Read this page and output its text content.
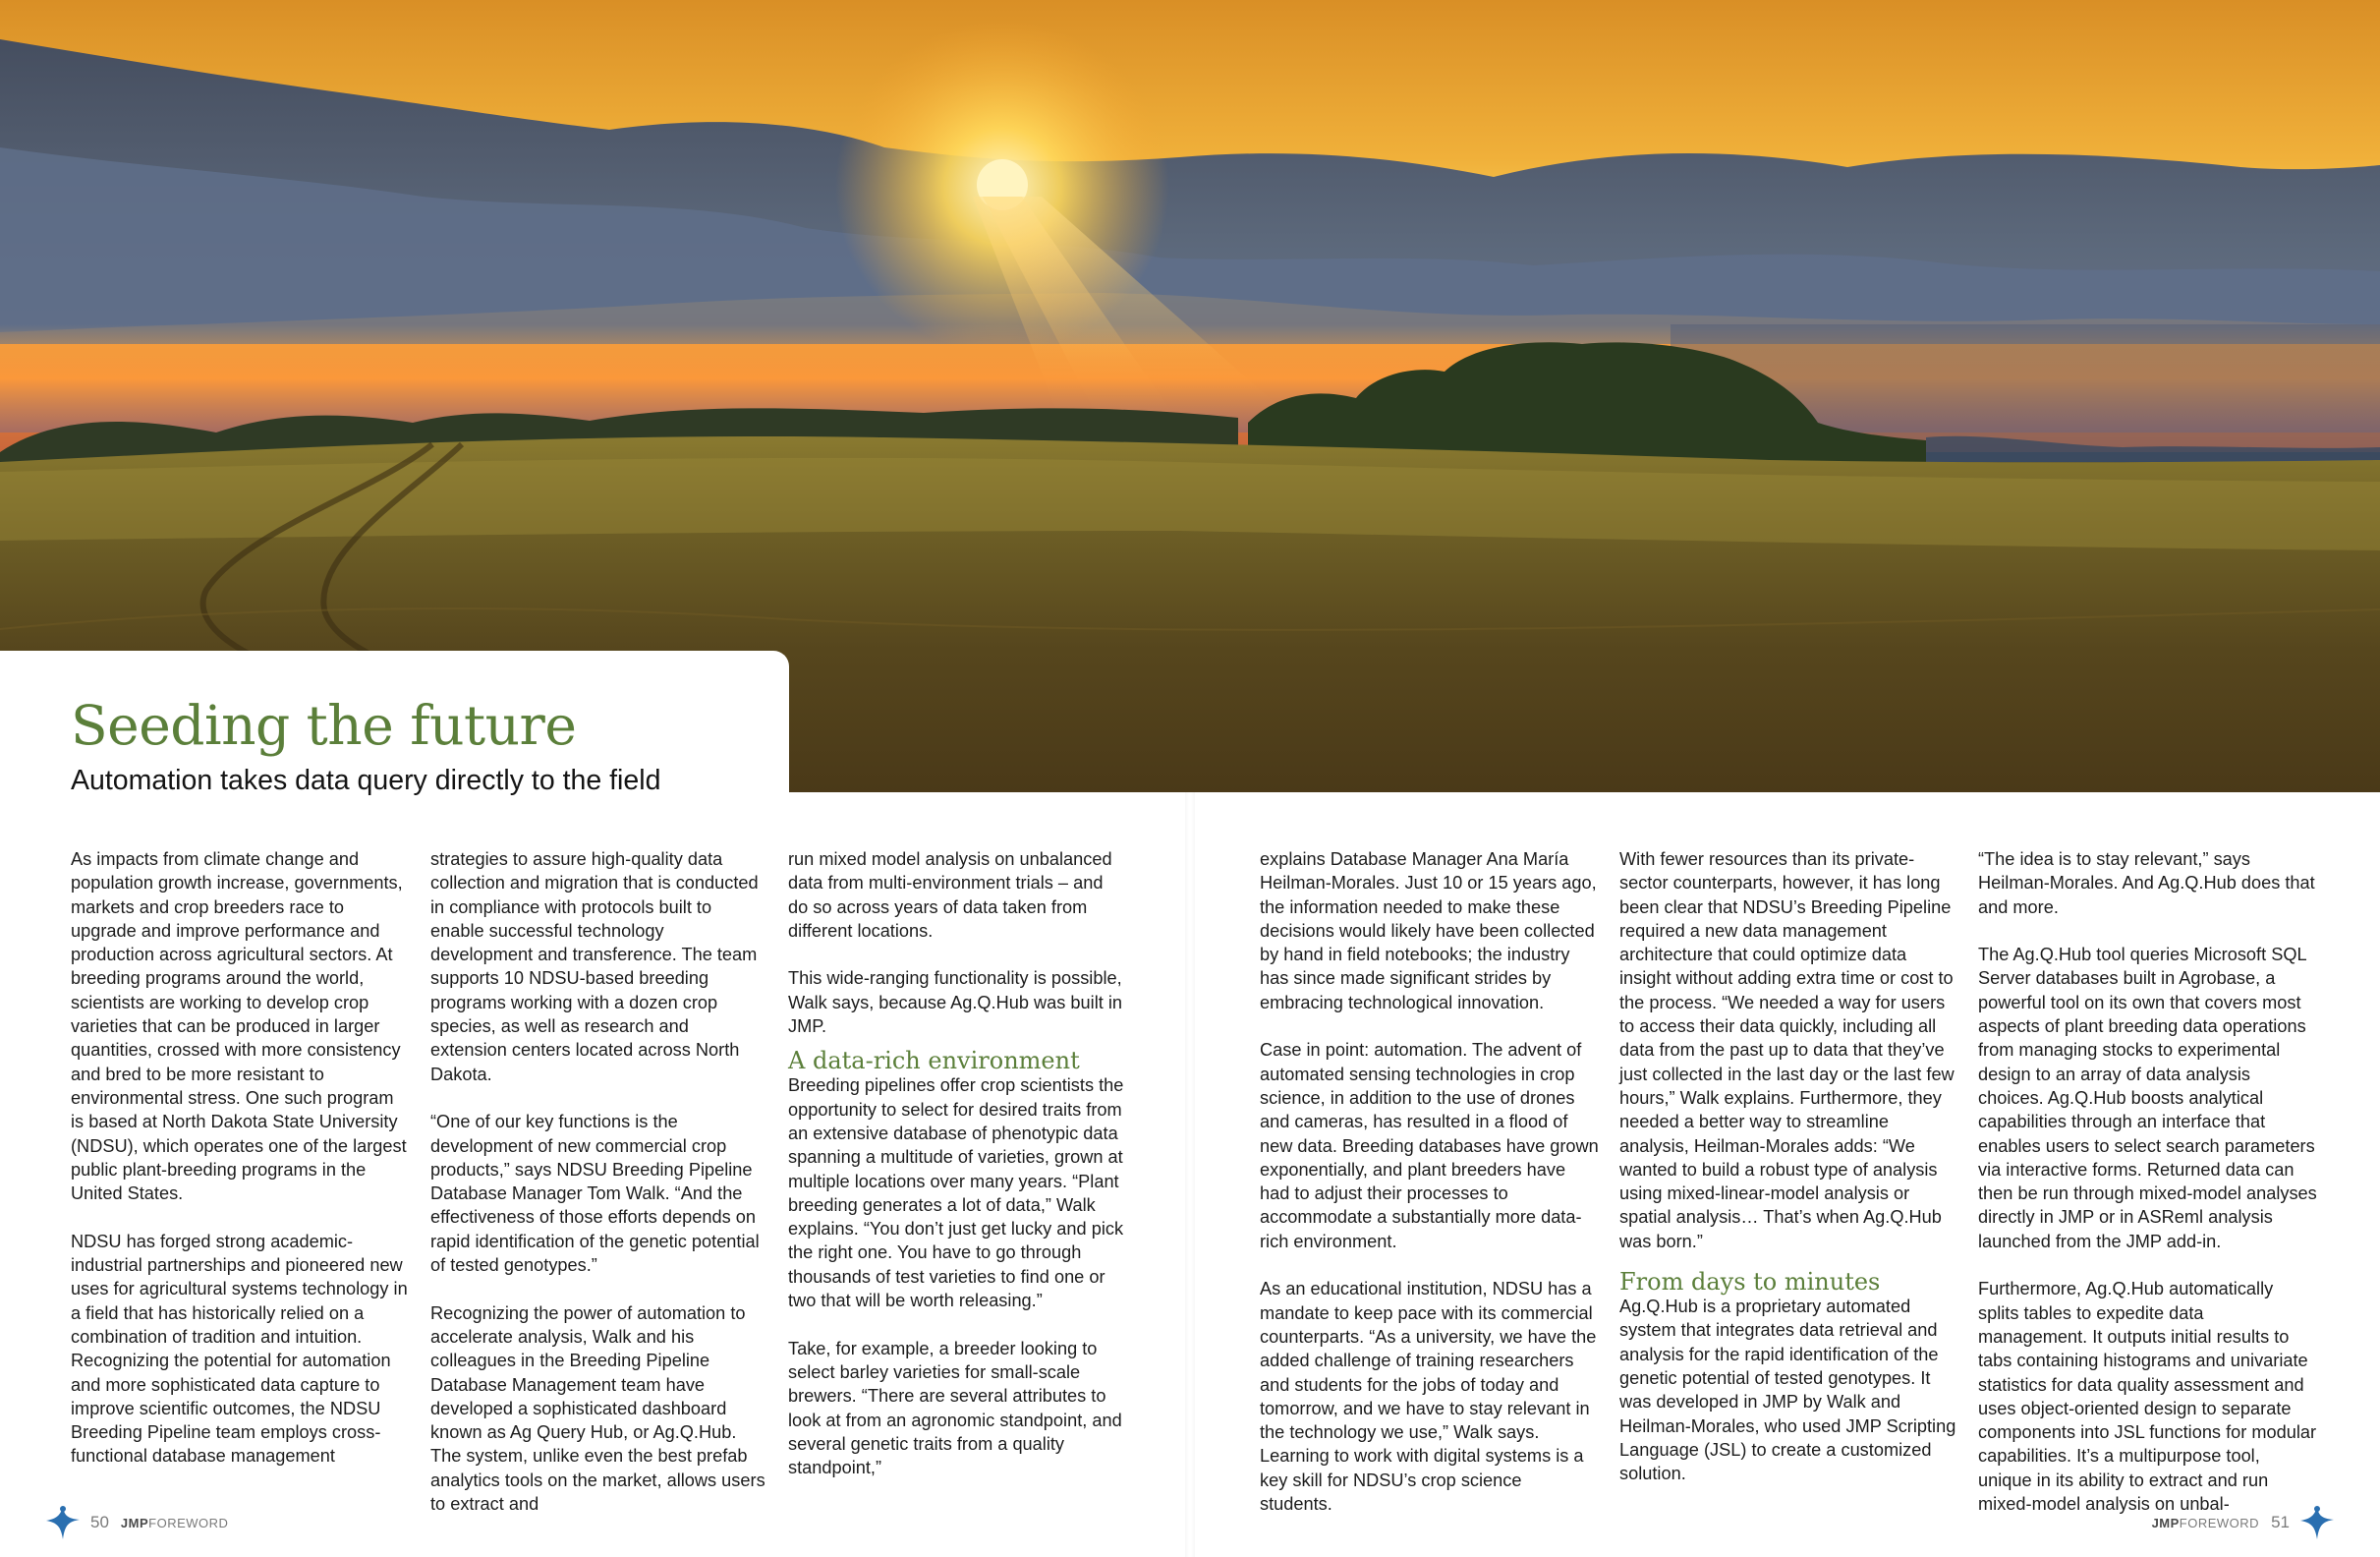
Seeding the future
Automation takes data query directly to the field

As impacts from climate change and population growth increase, governments, markets and crop breeders race to upgrade and improve performance and production across agricultural sectors. At breeding programs around the world, scientists are working to develop crop varieties that can be produced in larger quantities, crossed with more consistency and bred to be more resistant to environmental stress. One such program is based at North Dakota State University (NDSU), which operates one of the largest public plant-breeding programs in the United States.

NDSU has forged strong academic-industrial partnerships and pioneered new uses for agricultural systems technology in a field that has historically relied on a combination of tradition and intuition. Recognizing the potential for automation and more sophisticated data capture to improve scientific outcomes, the NDSU Breeding Pipeline team employs cross-functional database management

strategies to assure high-quality data collection and migration that is conducted in compliance with protocols built to enable successful technology development and transference. The team supports 10 NDSU-based breeding programs working with a dozen crop species, as well as research and extension centers located across North Dakota.

“One of our key functions is the development of new commercial crop products,” says NDSU Breeding Pipeline Database Manager Tom Walk. “And the effectiveness of those efforts depends on rapid identification of the genetic potential of tested genotypes.”

Recognizing the power of automation to accelerate analysis, Walk and his colleagues in the Breeding Pipeline Database Management team have developed a sophisticated dashboard known as Ag Query Hub, or Ag.Q.Hub. The system, unlike even the best prefab analytics tools on the market, allows users to extract and

run mixed model analysis on unbalanced data from multi-environment trials – and do so across years of data taken from different locations.

This wide-ranging functionality is possible, Walk says, because Ag.Q.Hub was built in JMP.

A data-rich environment

Breeding pipelines offer crop scientists the opportunity to select for desired traits from an extensive database of phenotypic data spanning a multitude of varieties, grown at multiple locations over many years. “Plant breeding generates a lot of data,” Walk explains. “You don’t just get lucky and pick the right one. You have to go through thousands of test varieties to find one or two that will be worth releasing.”

Take, for example, a breeder looking to select barley varieties for small-scale brewers. “There are several attributes to look at from an agronomic standpoint, and several genetic traits from a quality standpoint,”

explains Database Manager Ana María Heilman-Morales. Just 10 or 15 years ago, the information needed to make these decisions would likely have been collected by hand in field notebooks; the industry has since made significant strides by embracing technological innovation.

Case in point: automation. The advent of automated sensing technologies in crop science, in addition to the use of drones and cameras, has resulted in a flood of new data. Breeding databases have grown exponentially, and plant breeders have had to adjust their processes to accommodate a substantially more data-rich environment.

As an educational institution, NDSU has a mandate to keep pace with its commercial counterparts. “As a university, we have the added challenge of training researchers and students for the jobs of today and tomorrow, and we have to stay relevant in the technology we use,” Walk says. Learning to work with digital systems is a key skill for NDSU’s crop science students.

With fewer resources than its private-sector counterparts, however, it has long been clear that NDSU’s Breeding Pipeline required a new data management architecture that could optimize data insight without adding extra time or cost to the process. “We needed a way for users to access their data quickly, including all data from the past up to data that they’ve just collected in the last day or the last few hours,” Walk explains. Furthermore, they needed a better way to streamline analysis, Heilman-Morales adds: “We wanted to build a robust type of analysis using mixed-linear-model analysis or spatial analysis… That’s when Ag.Q.Hub was born.”

From days to minutes

Ag.Q.Hub is a proprietary automated system that integrates data retrieval and analysis for the rapid identification of the genetic potential of tested genotypes. It was developed in JMP by Walk and Heilman-Morales, who used JMP Scripting Language (JSL) to create a customized solution.

“The idea is to stay relevant,” says Heilman-Morales. And Ag.Q.Hub does that and more.

The Ag.Q.Hub tool queries Microsoft SQL Server databases built in Agrobase, a powerful tool on its own that covers most aspects of plant breeding data operations from managing stocks to experimental design to an array of data analysis choices. Ag.Q.Hub boosts analytical capabilities through an interface that enables users to select search parameters via interactive forms. Returned data can then be run through mixed-model analyses directly in JMP or in ASReml analysis launched from the JMP add-in.

Furthermore, Ag.Q.Hub automatically splits tables to expedite data management. It outputs initial results to tabs containing histograms and univariate statistics for data quality assessment and uses object-oriented design to separate components into JSL functions for modular capabilities. It’s a multipurpose tool, unique in its ability to extract and run mixed-model analysis on unbal-

50 JMPFOREWORD	JMPFOREWORD 51
